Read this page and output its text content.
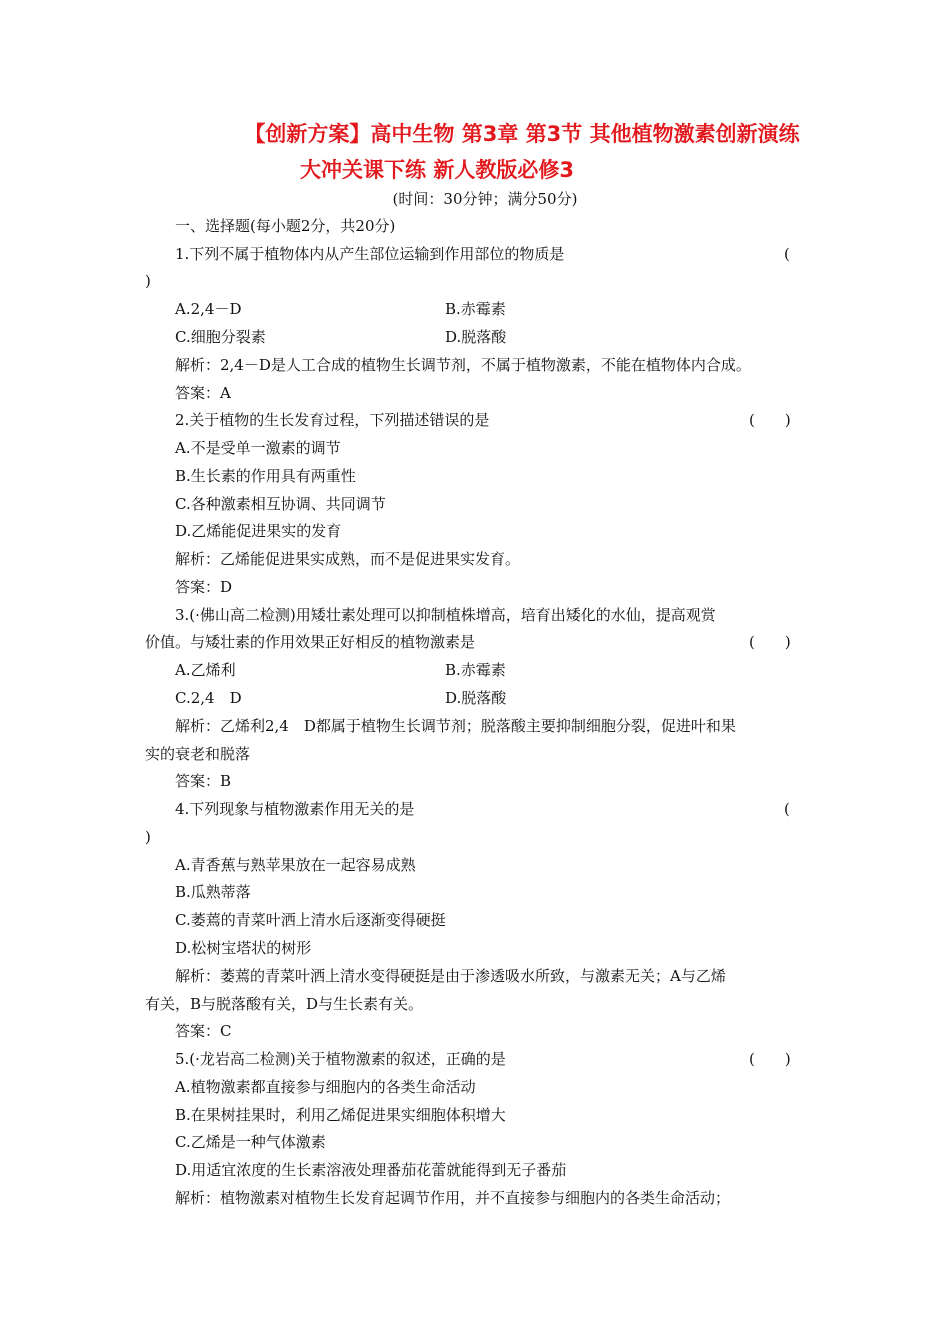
【创新方案】高中生物 第3章 第3节 其他植物激素创新演练
大冲关课下练 新人教版必修3
(时间：30分钟；满分50分)
一、选择题(每小题2分，共20分)
1.下列不属于植物体内从产生部位运输到作用部位的物质是	(
)
A.2,4－D	B.赤霉素
C.细胞分裂素	D.脱落酸
解析：2,4－D是人工合成的植物生长调节剂，不属于植物激素，不能在植物体内合成。
答案：A
2.关于植物的生长发育过程，下列描述错误的是	(　　)
A.不是受单一激素的调节
B.生长素的作用具有两重性
C.各种激素相互协调、共同调节
D.乙烯能促进果实的发育
解析：乙烯能促进果实成熟，而不是促进果实发育。
答案：D
3.(·佛山高二检测)用矮壮素处理可以抑制植株增高，培育出矮化的水仙，提高观赏
价值。与矮壮素的作用效果正好相反的植物激素是	(　　)
A.乙烯利	B.赤霉素
C.2,4　D	D.脱落酸
解析：乙烯利2,4　D都属于植物生长调节剂；脱落酸主要抑制细胞分裂，促进叶和果
实的衰老和脱落
答案：B
4.下列现象与植物激素作用无关的是	(
)
A.青香蕉与熟苹果放在一起容易成熟
B.瓜熟蒂落
C.萎蔫的青菜叶洒上清水后逐渐变得硬挺
D.松树宝塔状的树形
解析：萎蔫的青菜叶洒上清水变得硬挺是由于渗透吸水所致，与激素无关；A与乙烯
有关，B与脱落酸有关，D与生长素有关。
答案：C
5.(·龙岩高二检测)关于植物激素的叙述，正确的是	(　　)
A.植物激素都直接参与细胞内的各类生命活动
B.在果树挂果时，利用乙烯促进果实细胞体积增大
C.乙烯是一种气体激素
D.用适宜浓度的生长素溶液处理番茄花蕾就能得到无子番茄
解析：植物激素对植物生长发育起调节作用，并不直接参与细胞内的各类生命活动；
